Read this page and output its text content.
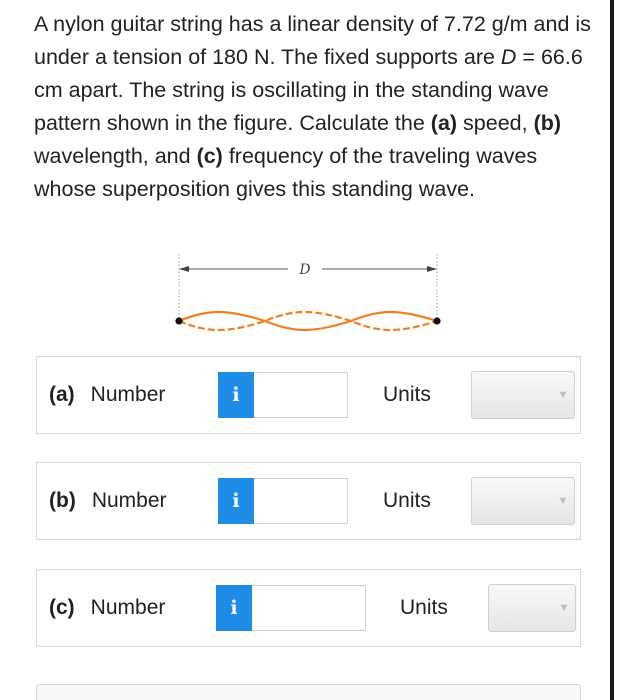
A nylon guitar string has a linear density of 7.72 g/m and is under a tension of 180 N. The fixed supports are D = 66.6 cm apart. The string is oscillating in the standing wave pattern shown in the figure. Calculate the (a) speed, (b) wavelength, and (c) frequency of the traveling waves whose superposition gives this standing wave.
D
(a) Number	i	Units	▼
(b) Number	i	Units	▼
(c) Number	i	Units	▼
